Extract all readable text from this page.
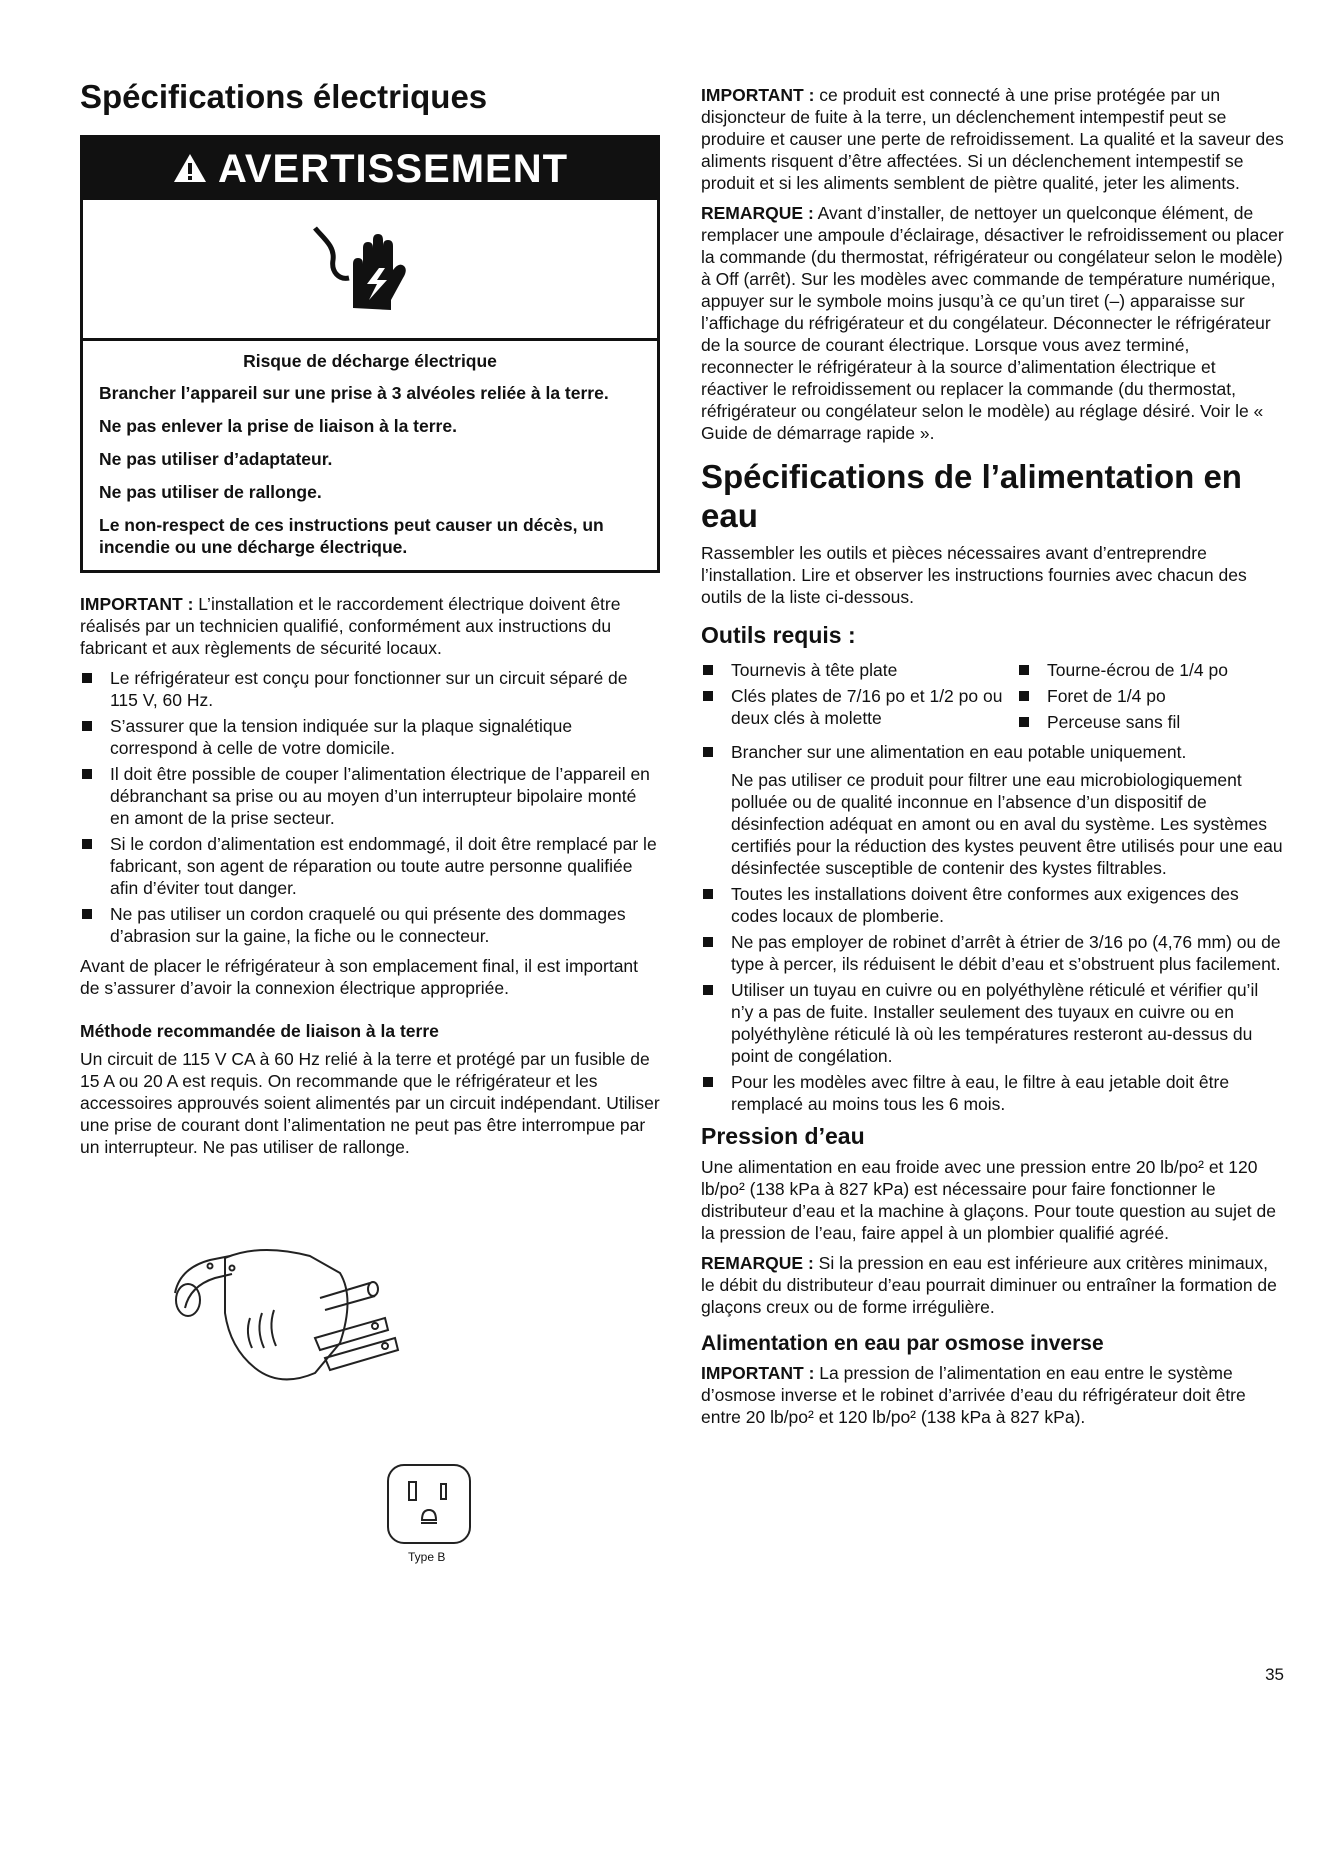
Spécifications électriques
AVERTISSEMENT
Risque de décharge électrique

Brancher l’appareil sur une prise à 3 alvéoles reliée à la terre.

Ne pas enlever la prise de liaison à la terre.

Ne pas utiliser d’adaptateur.

Ne pas utiliser de rallonge.

Le non-respect de ces instructions peut causer un décès, un incendie ou une décharge électrique.

IMPORTANT : L’installation et le raccordement électrique doivent être réalisés par un technicien qualifié, conformément aux instructions du fabricant et aux règlements de sécurité locaux.

Le réfrigérateur est conçu pour fonctionner sur un circuit séparé de 115 V, 60 Hz.
S’assurer que la tension indiquée sur la plaque signalétique correspond à celle de votre domicile.
Il doit être possible de couper l’alimentation électrique de l’appareil en débranchant sa prise ou au moyen d’un interrupteur bipolaire monté en amont de la prise secteur.
Si le cordon d’alimentation est endommagé, il doit être remplacé par le fabricant, son agent de réparation ou toute autre personne qualifiée afin d’éviter tout danger.
Ne pas utiliser un cordon craquelé ou qui présente des dommages d’abrasion sur la gaine, la fiche ou le connecteur.

Avant de placer le réfrigérateur à son emplacement final, il est important de s’assurer d’avoir la connexion électrique appropriée.

Méthode recommandée de liaison à la terre

Un circuit de 115 V CA à 60 Hz relié à la terre et protégé par un fusible de 15 A ou 20 A est requis. On recommande que le réfrigérateur et les accessoires approuvés soient alimentés par un circuit indépendant. Utiliser une prise de courant dont l’alimentation ne peut pas être interrompue par un interrupteur. Ne pas utiliser de rallonge.

Type B

IMPORTANT : ce produit est connecté à une prise protégée par un disjoncteur de fuite à la terre, un déclenchement intempestif peut se produire et causer une perte de refroidissement. La qualité et la saveur des aliments risquent d’être affectées. Si un déclenchement intempestif se produit et si les aliments semblent de piètre qualité, jeter les aliments.

REMARQUE : Avant d’installer, de nettoyer un quelconque élément, de remplacer une ampoule d’éclairage, désactiver le refroidissement ou placer la commande (du thermostat, réfrigérateur ou congélateur selon le modèle) à Off (arrêt). Sur les modèles avec commande de température numérique, appuyer sur le symbole moins jusqu’à ce qu’un tiret (–) apparaisse sur l’affichage du réfrigérateur et du congélateur. Déconnecter le réfrigérateur de la source de courant électrique. Lorsque vous avez terminé, reconnecter le réfrigérateur à la source d’alimentation électrique et réactiver le refroidissement ou replacer la commande (du thermostat, réfrigérateur ou congélateur selon le modèle) au réglage désiré. Voir le « Guide de démarrage rapide ».

Spécifications de l’alimentation en eau

Rassembler les outils et pièces nécessaires avant d’entreprendre l’installation. Lire et observer les instructions fournies avec chacun des outils de la liste ci-dessous.

Outils requis :
Tournevis à tête plate
Clés plates de 7/16 po et 1/2 po ou deux clés à molette
Tourne-écrou de 1/4 po
Foret de 1/4 po
Perceuse sans fil
Brancher sur une alimentation en eau potable uniquement.
Ne pas utiliser ce produit pour filtrer une eau microbiologiquement polluée ou de qualité inconnue en l’absence d’un dispositif de désinfection adéquat en amont ou en aval du système. Les systèmes certifiés pour la réduction des kystes peuvent être utilisés pour une eau désinfectée susceptible de contenir des kystes filtrables.
Toutes les installations doivent être conformes aux exigences des codes locaux de plomberie.
Ne pas employer de robinet d’arrêt à étrier de 3/16 po (4,76 mm) ou de type à percer, ils réduisent le débit d’eau et s’obstruent plus facilement.
Utiliser un tuyau en cuivre ou en polyéthylène réticulé et vérifier qu’il n’y a pas de fuite. Installer seulement des tuyaux en cuivre ou en polyéthylène réticulé là où les températures resteront au-dessus du point de congélation.
Pour les modèles avec filtre à eau, le filtre à eau jetable doit être remplacé au moins tous les 6 mois.
Pression d’eau

Une alimentation en eau froide avec une pression entre 20 lb/po² et 120 lb/po² (138 kPa à 827 kPa) est nécessaire pour faire fonctionner le distributeur d’eau et la machine à glaçons. Pour toute question au sujet de la pression de l’eau, faire appel à un plombier qualifié agréé.

REMARQUE : Si la pression en eau est inférieure aux critères minimaux, le débit du distributeur d’eau pourrait diminuer ou entraîner la formation de glaçons creux ou de forme irrégulière.

Alimentation en eau par osmose inverse

IMPORTANT : La pression de l’alimentation en eau entre le système d’osmose inverse et le robinet d’arrivée d’eau du réfrigérateur doit être entre 20 lb/po² et 120 lb/po² (138 kPa à 827 kPa).

35
